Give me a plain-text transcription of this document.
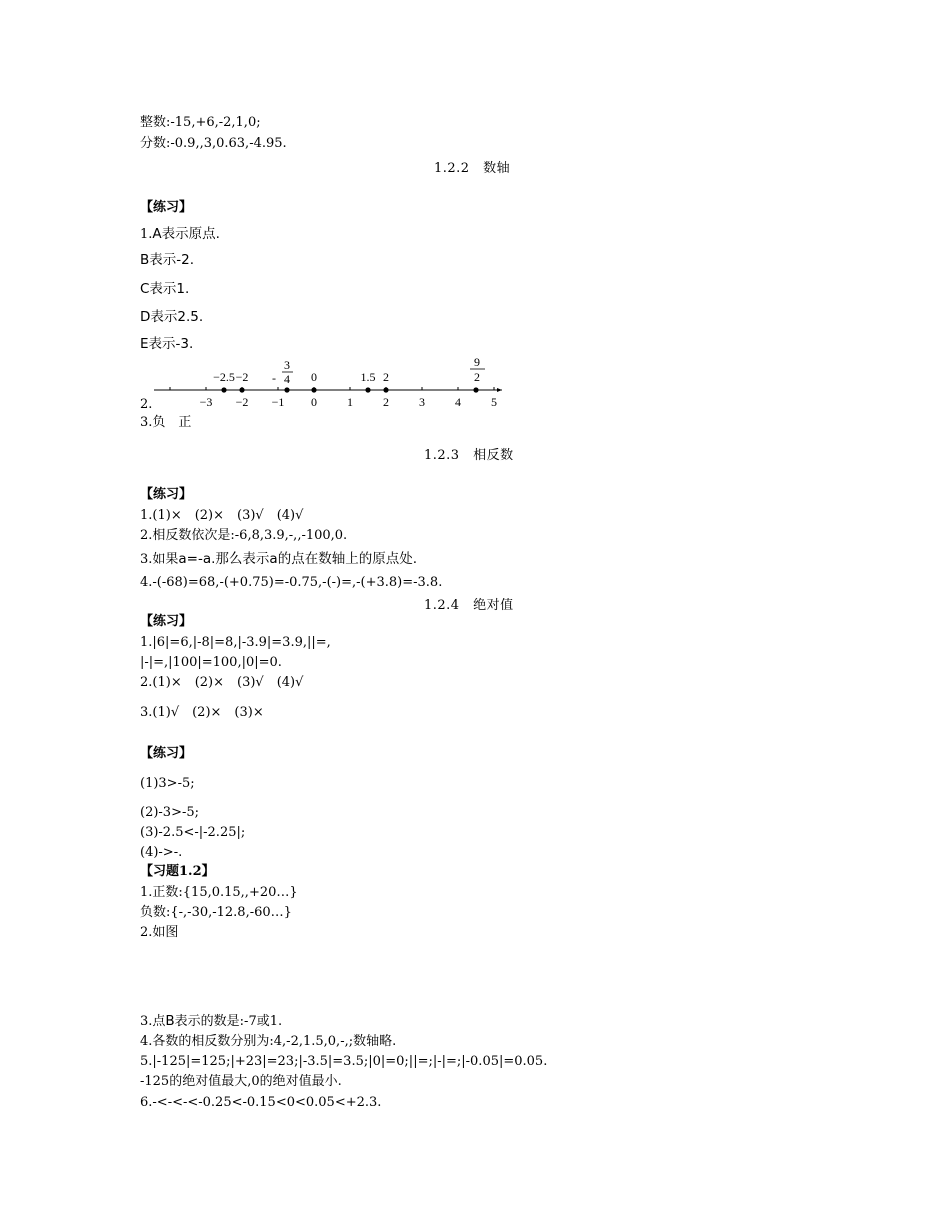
整数:-15,+6,-2,1,0;
分数:-0.9,,3,0.63,-4.95.
1.2.2　数轴
【练习】
1.A表示原点.
B表示-2.
C表示1.
D表示2.5.
E表示-3.
−3 −2 −1 0	1	2	3	4	5
−2.5 −2	0	1.5 2
-
3
4
9
2
2.
3.负　正
1.2.3　相反数
【练习】
1.(1)×　(2)×　(3)√　(4)√
2.相反数依次是:-6,8,3.9,-,,-100,0.
3.如果a=-a.那么表示a的点在数轴上的原点处.
4.-(-68)=68,-(+0.75)=-0.75,-(-)=,-(+3.8)=-3.8.
1.2.4　绝对值
【练习】
1.|6|=6,|-8|=8,|-3.9|=3.9,||=,
|-|=,|100|=100,|0|=0.
2.(1)×　(2)×　(3)√　(4)√
3.(1)√　(2)×　(3)×
【练习】
(1)3>-5;
(2)-3>-5;
(3)-2.5<-|-2.25|;
(4)->-.
【习题1.2】
1.正数:{15,0.15,,+20…}
负数:{-,-30,-12.8,-60…}
2.如图
3.点B表示的数是:-7或1.
4.各数的相反数分别为:4,-2,1.5,0,-,;数轴略.
5.|-125|=125;|+23|=23;|-3.5|=3.5;|0|=0;||=;|-|=;|-0.05|=0.05.
-125的绝对值最大,0的绝对值最小.
6.-<-<-<-0.25<-0.15<0<0.05<+2.3.
